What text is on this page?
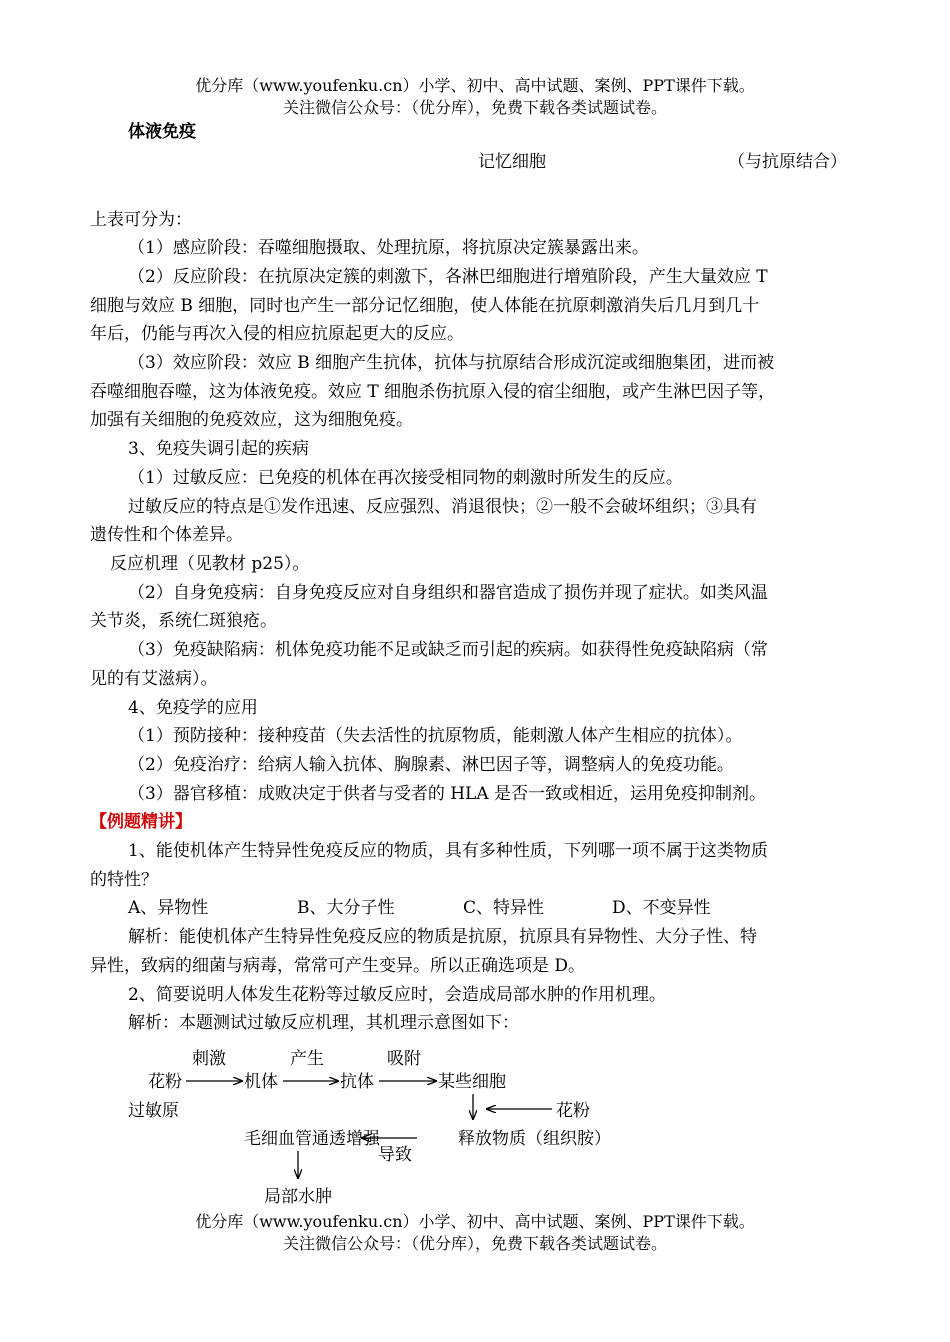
优分库（www.youfenku.cn）小学、初中、高中试题、案例、PPT课件下载。
关注微信公众号：（优分库），免费下载各类试题试卷。
体液免疫
记忆细胞	（与抗原结合）
上表可分为：
（1）感应阶段：吞噬细胞摄取、处理抗原，将抗原决定簇暴露出来。
（2）反应阶段：在抗原决定簇的刺激下，各淋巴细胞进行增殖阶段，产生大量效应 T
细胞与效应 B 细胞，同时也产生一部分记忆细胞，使人体能在抗原刺激消失后几月到几十
年后，仍能与再次入侵的相应抗原起更大的反应。
（3）效应阶段：效应 B 细胞产生抗体，抗体与抗原结合形成沉淀或细胞集团，进而被
吞噬细胞吞噬，这为体液免疫。效应 T 细胞杀伤抗原入侵的宿尘细胞，或产生淋巴因子等，
加强有关细胞的免疫效应，这为细胞免疫。
3、免疫失调引起的疾病
（1）过敏反应：已免疫的机体在再次接受相同物的刺激时所发生的反应。
过敏反应的特点是①发作迅速、反应强烈、消退很快；②一般不会破坏组织；③具有
遗传性和个体差异。
反应机理（见教材 p25）。
（2）自身免疫病：自身免疫反应对自身组织和器官造成了损伤并现了症状。如类风温
关节炎，系统仁斑狼疮。
（3）免疫缺陷病：机体免疫功能不足或缺乏而引起的疾病。如获得性免疫缺陷病（常
见的有艾滋病）。
4、免疫学的应用
（1）预防接种：接种疫苗（失去活性的抗原物质，能刺激人体产生相应的抗体）。
（2）免疫治疗：给病人输入抗体、胸腺素、淋巴因子等，调整病人的免疫功能。
（3）器官移植：成败决定于供者与受者的 HLA 是否一致或相近，运用免疫抑制剂。
【例题精讲】
1、能使机体产生特异性免疫反应的物质，具有多种性质，下列哪一项不属于这类物质
的特性？
A、异物性	B、大分子性	C、特异性	D、不变异性
解析：能使机体产生特异性免疫反应的物质是抗原，抗原具有异物性、大分子性、特
异性，致病的细菌与病毒，常常可产生变异。所以正确选项是 D。
2、简要说明人体发生花粉等过敏反应时，会造成局部水肿的作用机理。
解析：本题测试过敏反应机理，其机理示意图如下：
刺激	产生	吸附
花粉	机体	抗体	某些细胞
过敏原	花粉
毛细血管通透增强	释放物质（组织胺）
导致
局部水肿
优分库（www.youfenku.cn）小学、初中、高中试题、案例、PPT课件下载。
关注微信公众号：（优分库），免费下载各类试题试卷。
